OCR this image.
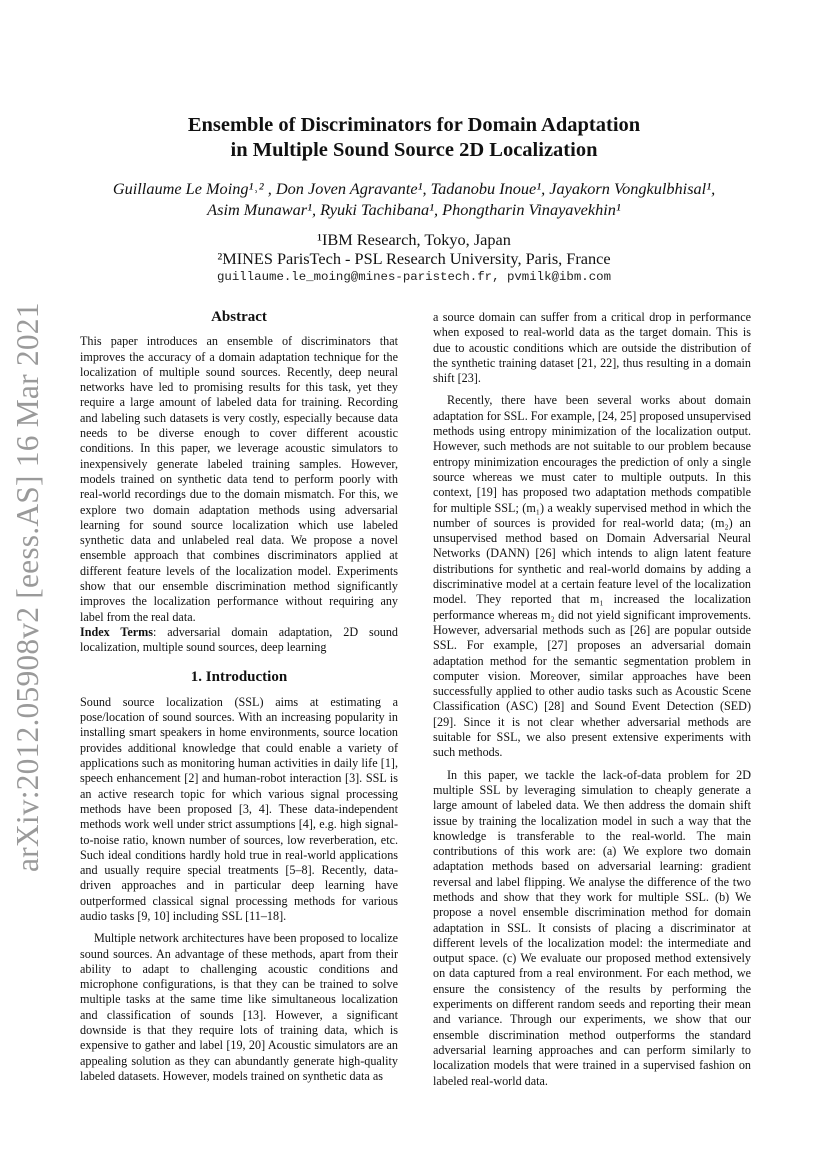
arXiv:2012.05908v2 [eess.AS] 16 Mar 2021
Ensemble of Discriminators for Domain Adaptation
in Multiple Sound Source 2D Localization
Guillaume Le Moing¹˒² , Don Joven Agravante¹, Tadanobu Inoue¹, Jayakorn Vongkulbhisal¹,
Asim Munawar¹, Ryuki Tachibana¹, Phongtharin Vinayavekhin¹
¹IBM Research, Tokyo, Japan
²MINES ParisTech - PSL Research University, Paris, France
guillaume.le_moing@mines-paristech.fr, pvmilk@ibm.com
Abstract

This paper introduces an ensemble of discriminators that improves the accuracy of a domain adaptation technique for the localization of multiple sound sources. Recently, deep neural networks have led to promising results for this task, yet they require a large amount of labeled data for training. Recording and labeling such datasets is very costly, especially because data needs to be diverse enough to cover different acoustic conditions. In this paper, we leverage acoustic simulators to inexpensively generate labeled training samples. However, models trained on synthetic data tend to perform poorly with real-world recordings due to the domain mismatch. For this, we explore two domain adaptation methods using adversarial learning for sound source localization which use labeled synthetic data and unlabeled real data. We propose a novel ensemble approach that combines discriminators applied at different feature levels of the localization model. Experiments show that our ensemble discrimination method significantly improves the localization performance without requiring any label from the real data.

Index Terms: adversarial domain adaptation, 2D sound localization, multiple sound sources, deep learning

1. Introduction

Sound source localization (SSL) aims at estimating a pose/location of sound sources. With an increasing popularity in installing smart speakers in home environments, source location provides additional knowledge that could enable a variety of applications such as monitoring human activities in daily life [1], speech enhancement [2] and human-robot interaction [3]. SSL is an active research topic for which various signal processing methods have been proposed [3, 4]. These data-independent methods work well under strict assumptions [4], e.g. high signal-to-noise ratio, known number of sources, low reverberation, etc. Such ideal conditions hardly hold true in real-world applications and usually require special treatments [5–8]. Recently, data-driven approaches and in particular deep learning have outperformed classical signal processing methods for various audio tasks [9, 10] including SSL [11–18].

Multiple network architectures have been proposed to localize sound sources. An advantage of these methods, apart from their ability to adapt to challenging acoustic conditions and microphone configurations, is that they can be trained to solve multiple tasks at the same time like simultaneous localization and classification of sounds [13]. However, a significant downside is that they require lots of training data, which is expensive to gather and label [19, 20] Acoustic simulators are an appealing solution as they can abundantly generate high-quality labeled datasets. However, models trained on synthetic data as

a source domain can suffer from a critical drop in performance when exposed to real-world data as the target domain. This is due to acoustic conditions which are outside the distribution of the synthetic training dataset [21, 22], thus resulting in a domain shift [23].

Recently, there have been several works about domain adaptation for SSL. For example, [24, 25] proposed unsupervised methods using entropy minimization of the localization output. However, such methods are not suitable to our problem because entropy minimization encourages the prediction of only a single source whereas we must cater to multiple outputs. In this context, [19] has proposed two adaptation methods compatible for multiple SSL; (m₁) a weakly supervised method in which the number of sources is provided for real-world data; (m₂) an unsupervised method based on Domain Adversarial Neural Networks (DANN) [26] which intends to align latent feature distributions for synthetic and real-world domains by adding a discriminative model at a certain feature level of the localization model. They reported that m₁ increased the localization performance whereas m₂ did not yield significant improvements. However, adversarial methods such as [26] are popular outside SSL. For example, [27] proposes an adversarial domain adaptation method for the semantic segmentation problem in computer vision. Moreover, similar approaches have been successfully applied to other audio tasks such as Acoustic Scene Classification (ASC) [28] and Sound Event Detection (SED) [29]. Since it is not clear whether adversarial methods are suitable for SSL, we also present extensive experiments with such methods.

In this paper, we tackle the lack-of-data problem for 2D multiple SSL by leveraging simulation to cheaply generate a large amount of labeled data. We then address the domain shift issue by training the localization model in such a way that the knowledge is transferable to the real-world. The main contributions of this work are: (a) We explore two domain adaptation methods based on adversarial learning: gradient reversal and label flipping. We analyse the difference of the two methods and show that they work for multiple SSL. (b) We propose a novel ensemble discrimination method for domain adaptation in SSL. It consists of placing a discriminator at different levels of the localization model: the intermediate and output space. (c) We evaluate our proposed method extensively on data captured from a real environment. For each method, we ensure the consistency of the results by performing the experiments on different random seeds and reporting their mean and variance. Through our experiments, we show that our ensemble discrimination method outperforms the standard adversarial learning approaches and can perform similarly to localization models that were trained in a supervised fashion on labeled real-world data.
